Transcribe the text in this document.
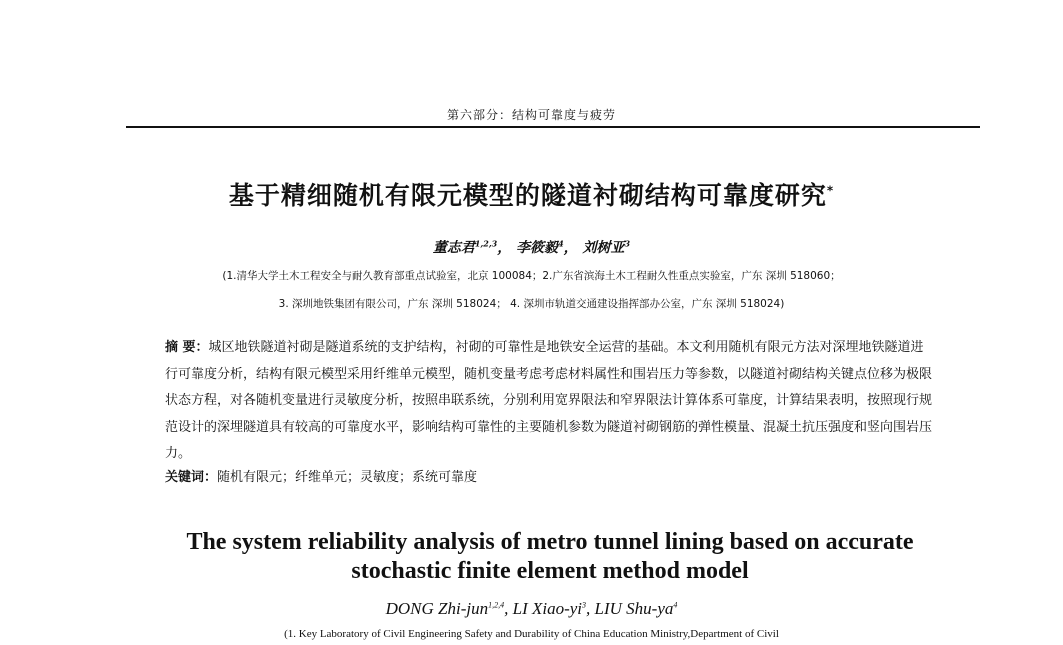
第六部分：结构可靠度与疲劳
基于精细随机有限元模型的隧道衬砌结构可靠度研究*
董志君$^{1,2,3}$， 李筱毅$^4$， 刘树亚$^3$
(1.清华大学土木工程安全与耐久教育部重点试验室，北京 100084；2.广东省滨海土木工程耐久性重点实验室，广东 深圳 518060；
3. 深圳地铁集团有限公司，广东 深圳 518024； 4. 深圳市轨道交通建设指挥部办公室，广东 深圳 518024)
摘 要：城区地铁隧道衬砌是隧道系统的支护结构，衬砌的可靠性是地铁安全运营的基础。本文利用随机有限元方法对深埋地铁隧道进行可靠度分析，结构有限元模型采用纤维单元模型，随机变量考虑考虑材料属性和围岩压力等参数，以隧道衬砌结构关键点位移为极限状态方程，对各随机变量进行灵敏度分析，按照串联系统，分别利用宽界限法和窄界限法计算体系可靠度，计算结果表明，按照现行规范设计的深埋隧道具有较高的可靠度水平，影响结构可靠性的主要随机参数为隧道衬砌钢筋的弹性模量、混凝土抗压强度和竖向围岩压力。
关键词：随机有限元；纤维单元；灵敏度；系统可靠度
The system reliability analysis of metro tunnel lining based on accurate
stochastic finite element method model
DONG Zhi-jun$^{1,2,4}$, LI Xiao-$yi^3$, LIU Shu-$ya^4$
(1. Key Laboratory of Civil Engineering Safety and Durability of China Education Ministry,Department of Civil
